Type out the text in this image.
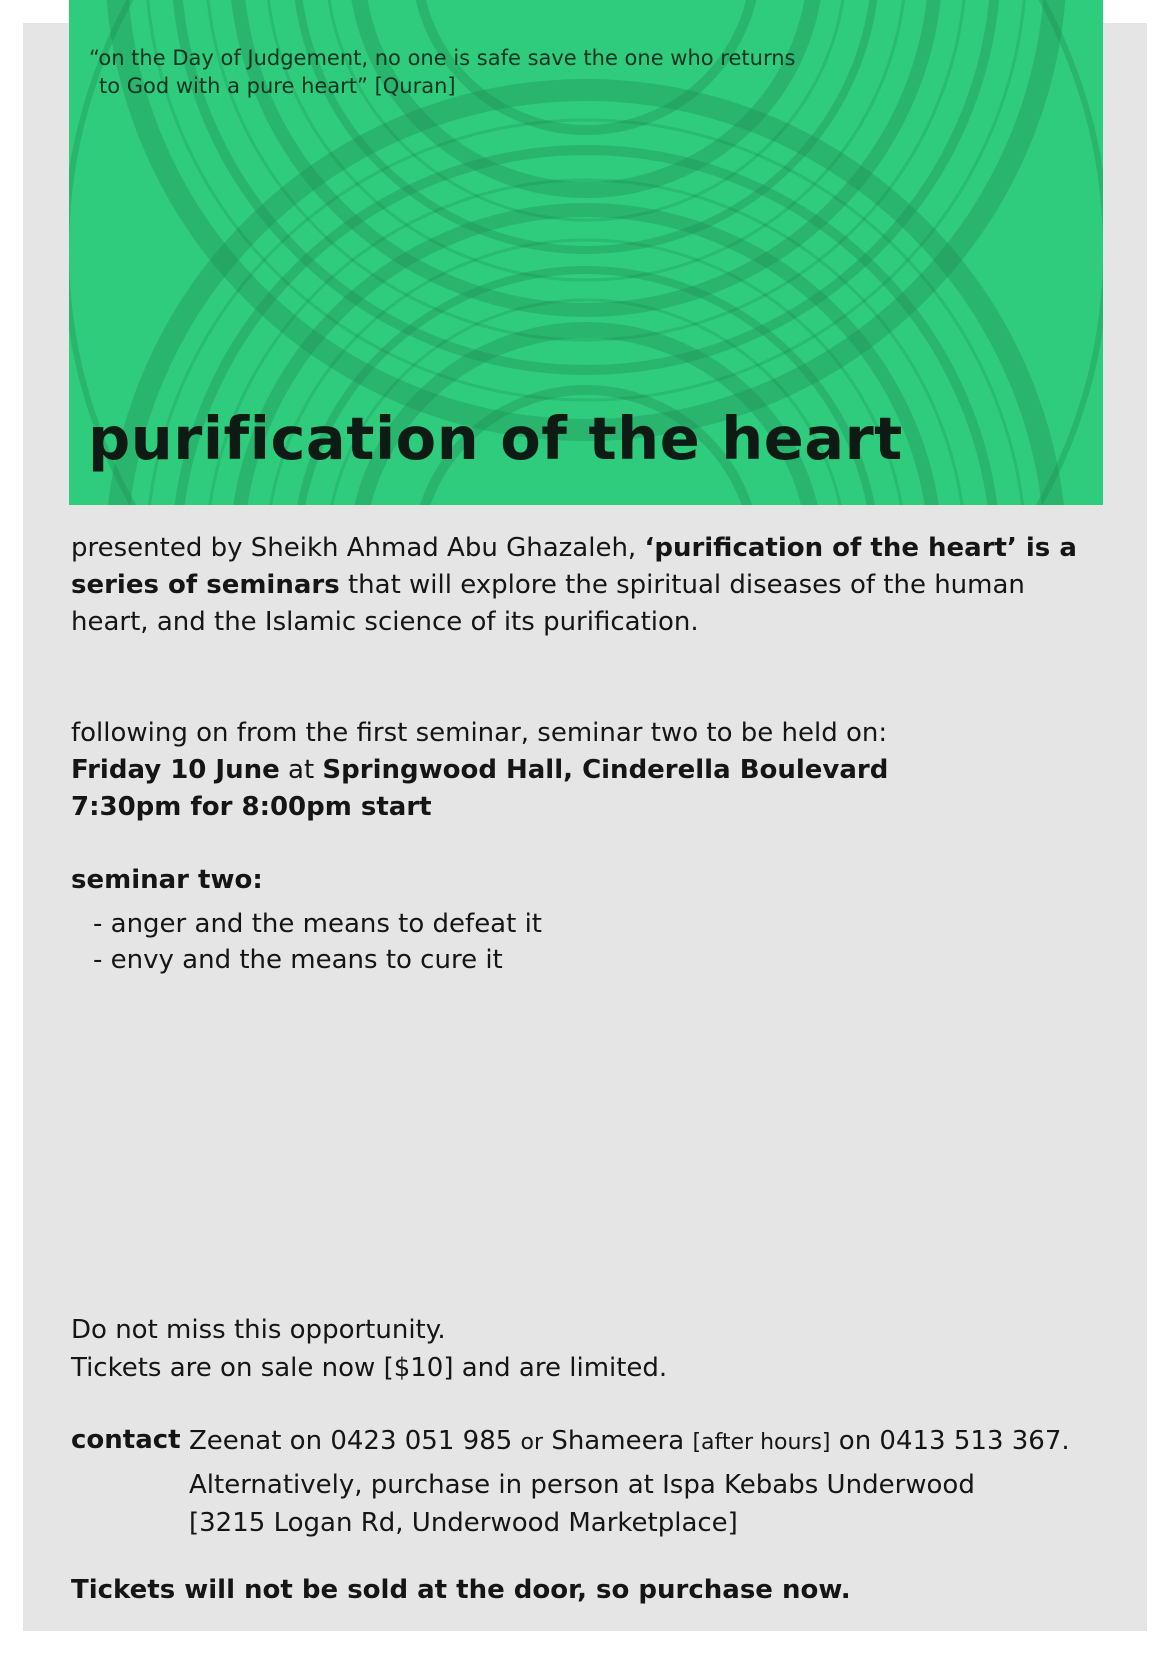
“on the Day of Judgement, no one is safe save the one who returns
to God with a pure heart” [Quran]
purification of the heart
presented by Sheikh Ahmad Abu Ghazaleh, ‘purification of the heart’ is a
series of seminars that will explore the spiritual diseases of the human
heart, and the Islamic science of its purification.
following on from the first seminar, seminar two to be held on:
Friday 10 June at Springwood Hall, Cinderella Boulevard
7:30pm for 8:00pm start
seminar two:
- anger and the means to defeat it
- envy and the means to cure it
Do not miss this opportunity.
Tickets are on sale now [$10] and are limited.
contact Zeenat on 0423 051 985 or Shameera [after hours] on 0413 513 367.
Alternatively, purchase in person at Ispa Kebabs Underwood
[3215 Logan Rd, Underwood Marketplace]
Tickets will not be sold at the door, so purchase now.
